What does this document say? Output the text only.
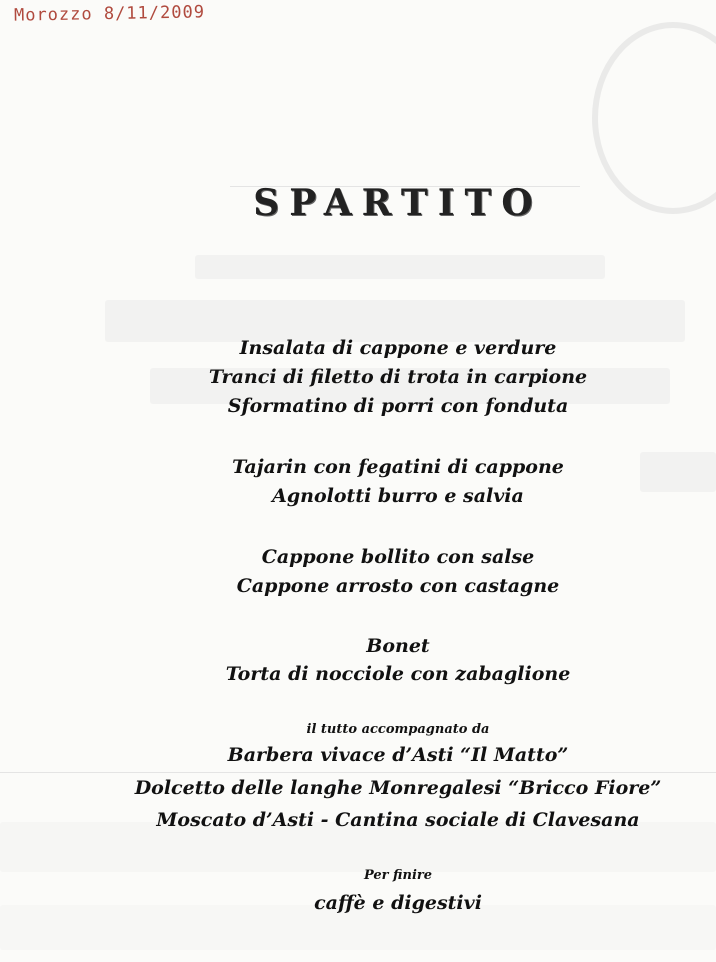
Morozzo 8/11/2009
SPARTITO
Insalata di cappone e verdure
Tranci di filetto di trota in carpione
Sformatino di porri con fonduta
Tajarin con fegatini di cappone
Agnolotti burro e salvia
Cappone bollito con salse
Cappone arrosto con castagne
Bonet
Torta di nocciole con zabaglione
il tutto accompagnato da
Barbera vivace d’Asti “Il Matto”
Dolcetto delle langhe Monregalesi “Bricco Fiore”
Moscato d’Asti - Cantina sociale di Clavesana
Per finire
caffè e digestivi
